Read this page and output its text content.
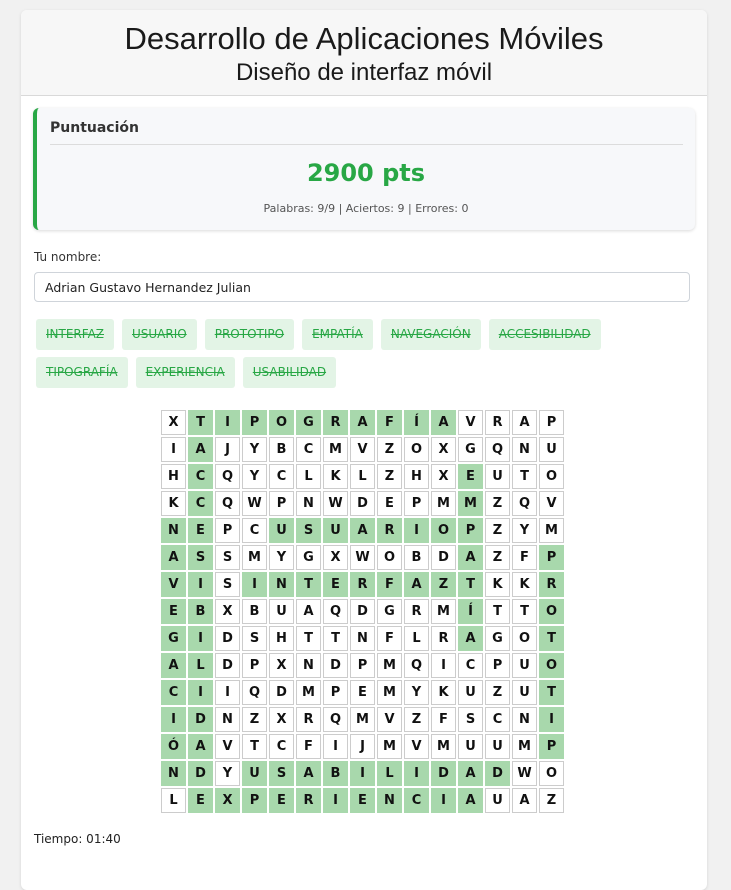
Desarrollo de Aplicaciones Móviles
Diseño de interfaz móvil
Puntuación
2900 pts
Palabras: 9/9 | Aciertos: 9 | Errores: 0
Tu nombre:
Adrian Gustavo Hernandez Julian
INTERFAZ	USUARIO	PROTOTIPO	EMPATÍA	NAVEGACIÓN	ACCESIBILIDAD
TIPOGRAFÍA	EXPERIENCIA	USABILIDAD
X	T	I	P	O	G	R	A	F	Í	A	V	R	A	P
I	A	J	Y	B	C	M	V	Z	O	X	G	Q	N	U
H	C	Q	Y	C	L	K	L	Z	H	X	E	U	T	O
K	C	Q	W	P	N	W	D	E	P	M	M	Z	Q	V
N	E	P	C	U	S	U	A	R	I	O	P	Z	Y	M
A	S	S	M	Y	G	X	W	O	B	D	A	Z	F	P
V	I	S	I	N	T	E	R	F	A	Z	T	K	K	R
E	B	X	B	U	A	Q	D	G	R	M	Í	T	T	O
G	I	D	S	H	T	T	N	F	L	R	A	G	O	T
A	L	D	P	X	N	D	P	M	Q	I	C	P	U	O
C	I	I	Q	D	M	P	E	M	Y	K	U	Z	U	T
I	D	N	Z	X	R	Q	M	V	Z	F	S	C	N	I
Ó	A	V	T	C	F	I	J	M	V	M	U	U	M	P
N	D	Y	U	S	A	B	I	L	I	D	A	D	W	O
L	E	X	P	E	R	I	E	N	C	I	A	U	A	Z
Tiempo: 01:40
